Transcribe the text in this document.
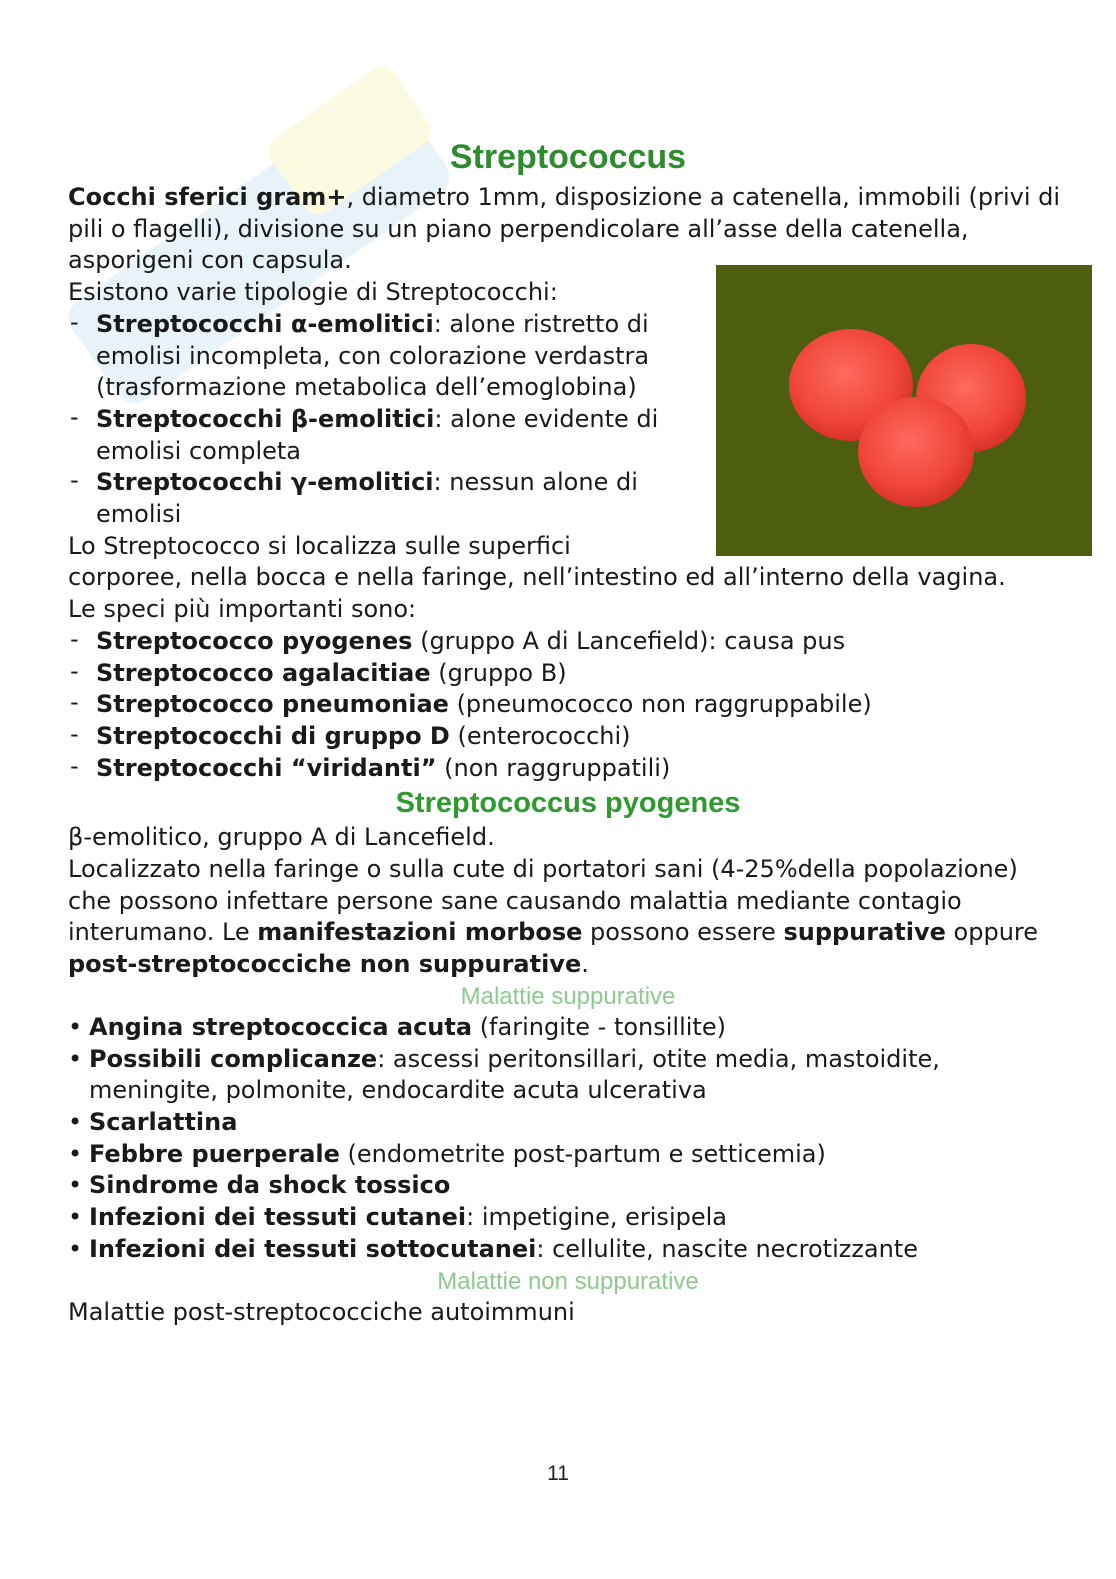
Streptococcus

Cocchi sferici gram+, diametro 1mm, disposizione a catenella, immobili (privi di pili o flagelli), divisione su un piano perpendicolare all’asse della catenella, asporigeni con capsula.

Esistono varie tipologie di Streptococchi:

- Streptococchi α-emolitici: alone ristretto di emolisi incompleta, con colorazione verdastra (trasformazione metabolica dell’emoglobina)
- Streptococchi β-emolitici: alone evidente di emolisi completa
- Streptococchi γ-emolitici: nessun alone di emolisi

Lo Streptococco si localizza sulle superfici

corporee, nella bocca e nella faringe, nell’intestino ed all’interno della vagina.

Le speci più importanti sono:

- Streptococco pyogenes (gruppo A di Lancefield): causa pus
- Streptococco agalacitiae (gruppo B)
- Streptococco pneumoniae (pneumococco non raggruppabile)
- Streptococchi di gruppo D (enterococchi)
- Streptococchi “viridanti” (non raggruppatili)
Streptococcus pyogenes

β-emolitico, gruppo A di Lancefield.

Localizzato nella faringe o sulla cute di portatori sani (4-25%della popolazione) che possono infettare persone sane causando malattia mediante contagio interumano. Le manifestazioni morbose possono essere suppurative oppure post-streptococciche non suppurative.

Malattie suppurative
• Angina streptococcica acuta (faringite - tonsillite)
• Possibili complicanze: ascessi peritonsillari, otite media, mastoidite, meningite, polmonite, endocardite acuta ulcerativa
• Scarlattina
• Febbre puerperale (endometrite post-partum e setticemia)
• Sindrome da shock tossico
• Infezioni dei tessuti cutanei: impetigine, erisipela
• Infezioni dei tessuti sottocutanei: cellulite, nascite necrotizzante
Malattie non suppurative

Malattie post-streptococciche autoimmuni

11
